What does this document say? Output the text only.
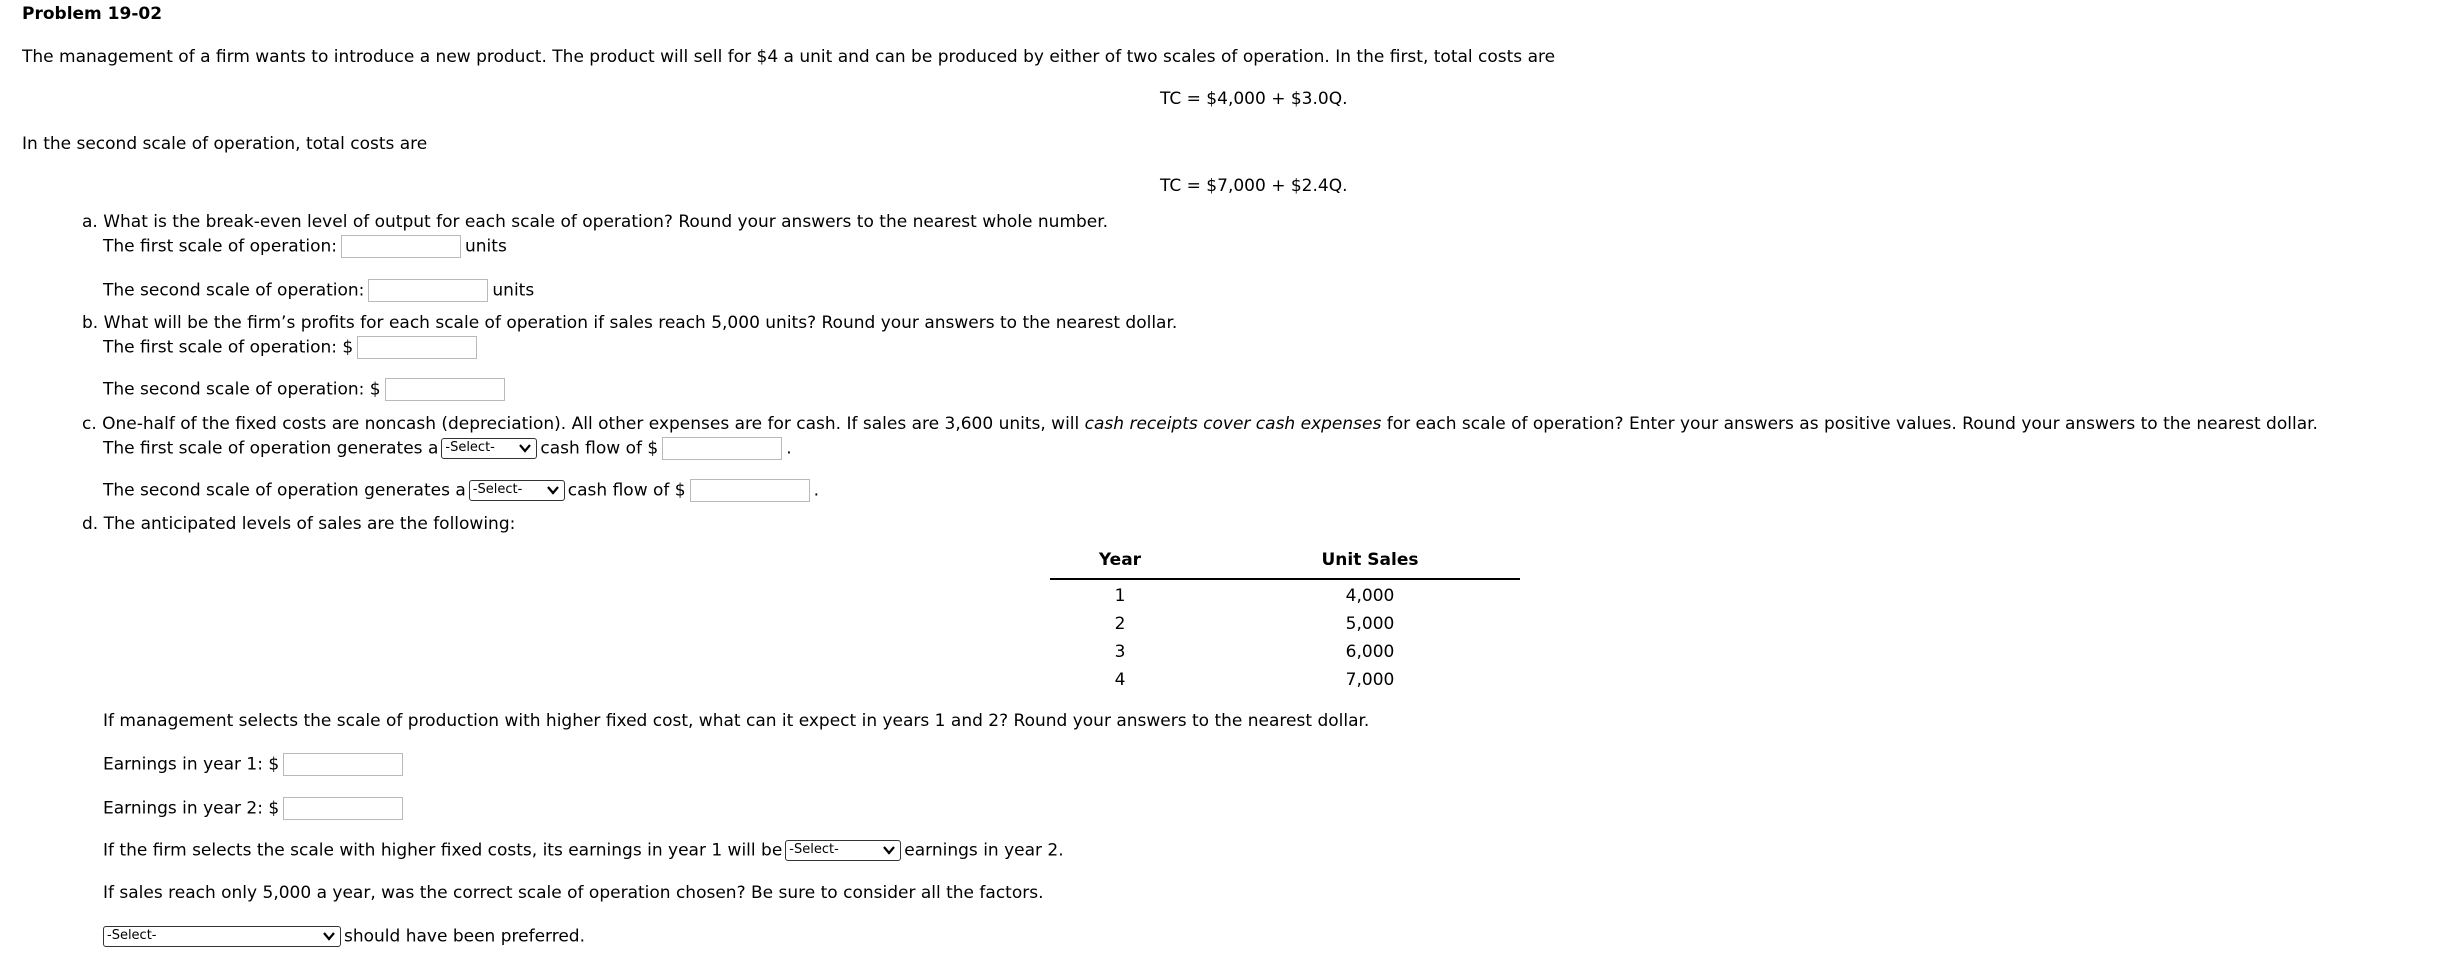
Problem 19-02
The management of a firm wants to introduce a new product. The product will sell for $4 a unit and can be produced by either of two scales of operation. In the first, total costs are
TC = $4,000 + $3.0Q.
In the second scale of operation, total costs are
TC = $7,000 + $2.4Q.
a. What is the break-even level of output for each scale of operation? Round your answers to the nearest whole number.
The first scale of operation:	units
The second scale of operation:	units
b. What will be the firm’s profits for each scale of operation if sales reach 5,000 units? Round your answers to the nearest dollar.
The first scale of operation: $
The second scale of operation: $
c. One-half of the fixed costs are noncash (depreciation). All other expenses are for cash. If sales are 3,600 units, will cash receipts cover cash expenses for each scale of operation? Enter your answers as positive values. Round your answers to the nearest dollar.
The first scale of operation generates a -Select-	cash flow of $	.
The second scale of operation generates a -Select-	cash flow of $	.
d. The anticipated levels of sales are the following:
Year	Unit Sales
1	4,000
2	5,000
3	6,000
4	7,000
If management selects the scale of production with higher fixed cost, what can it expect in years 1 and 2? Round your answers to the nearest dollar.
Earnings in year 1: $
Earnings in year 2: $
If the firm selects the scale with higher fixed costs, its earnings in year 1 will be -Select-	earnings in year 2.
If sales reach only 5,000 a year, was the correct scale of operation chosen? Be sure to consider all the factors.
-Select-	should have been preferred.
